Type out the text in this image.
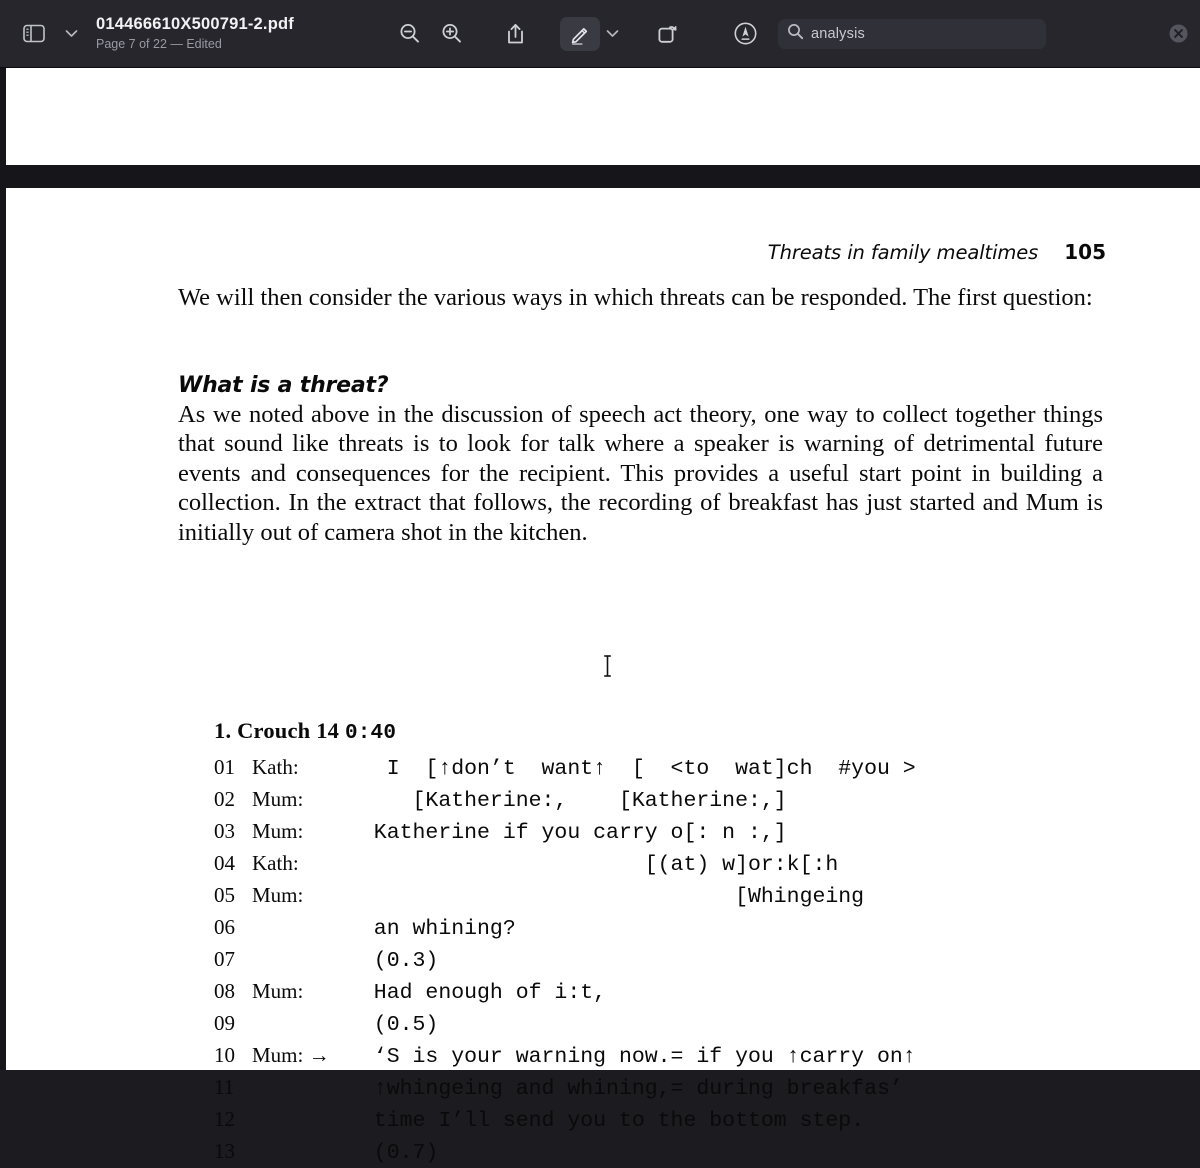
014466610X500791-2.pdf
Page 7 of 22 — Edited
analysis
Threats in family mealtimes 105

We will then consider the various ways in which threats can be responded. The first question:

What is a threat?

As we noted above in the discussion of speech act theory, one way to collect together things that sound like threats is to look for talk where a speaker is warning of detrimental future events and consequences for the recipient. This provides a useful start point in building a collection. In the extract that follows, the recording of breakfast has just started and Mum is initially out of camera shot in the kitchen.

1. Crouch 14 0:40
01 Kath:	I  [↑don’t  want↑  [  <to  wat]ch  #you >
02 Mum:	[Katherine:,    [Katherine:,]
03 Mum:	Katherine if you carry o[: n :,]
04 Kath:	[(at) w]or:k[:h
05 Mum:	[Whingeing
06	an whining?
07	(0.3)
08 Mum:	Had enough of i:t,
09	(0.5)
10 Mum: → ‘S is your warning now.= if you ↑carry on↑
11	↑whingeing and whining,= during breakfas’
12	time I’ll send you to the bottom step.
13	(0.7)
